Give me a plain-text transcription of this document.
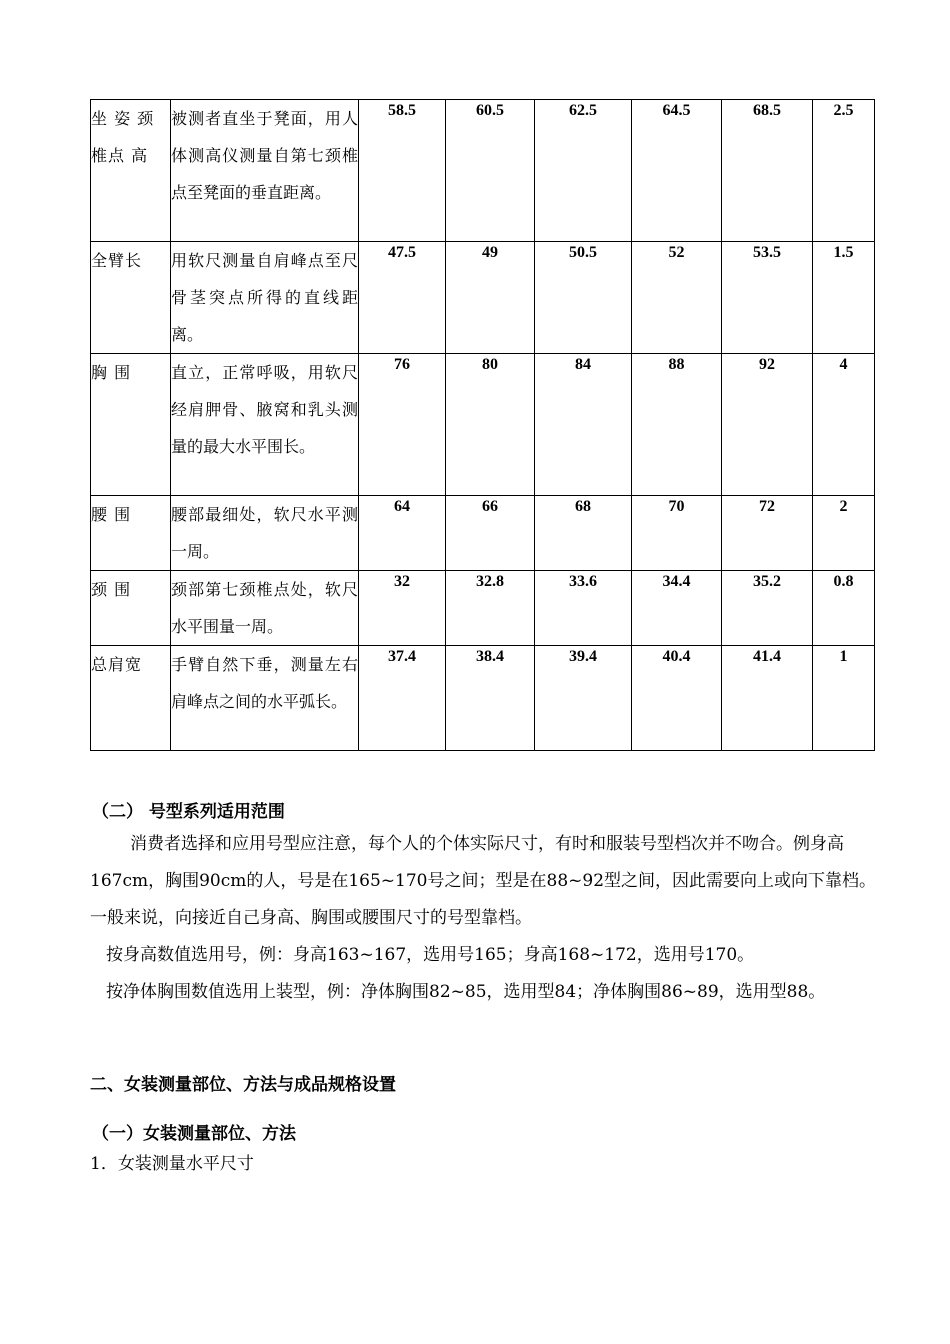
坐 姿 颈椎点 高	被测者直坐于凳面，用人体测高仪测量自第七颈椎点至凳面的垂直距离。	58.5	60.5	62.5	64.5	68.5	2.5
全臂长	用软尺测量自肩峰点至尺骨茎突点所得的直线距离。	47.5	49	50.5	52	53.5	1.5
胸 围	直立，正常呼吸，用软尺经肩胛骨、腋窝和乳头测量的最大水平围长。	76	80	84	88	92	4
腰 围	腰部最细处，软尺水平测一周。	64	66	68	70	72	2
颈 围	颈部第七颈椎点处，软尺水平围量一周。	32	32.8	33.6	34.4	35.2	0.8
总肩宽	手臂自然下垂，测量左右肩峰点之间的水平弧长。	37.4	38.4	39.4	40.4	41.4	1
（二） 号型系列适用范围
消费者选择和应用号型应注意，每个人的个体实际尺寸，有时和服装号型档次并不吻合。例身高167cm，胸围90cm的人，号是在165~170号之间；型是在88~92型之间，因此需要向上或向下靠档。一般来说，向接近自己身高、胸围或腰围尺寸的号型靠档。
按身高数值选用号，例：身高163~167，选用号165；身高168~172，选用号170。
按净体胸围数值选用上装型，例：净体胸围82~85，选用型84；净体胸围86~89，选用型88。
二、女装测量部位、方法与成品规格设置
（一）女装测量部位、方法
1．女装测量水平尺寸
